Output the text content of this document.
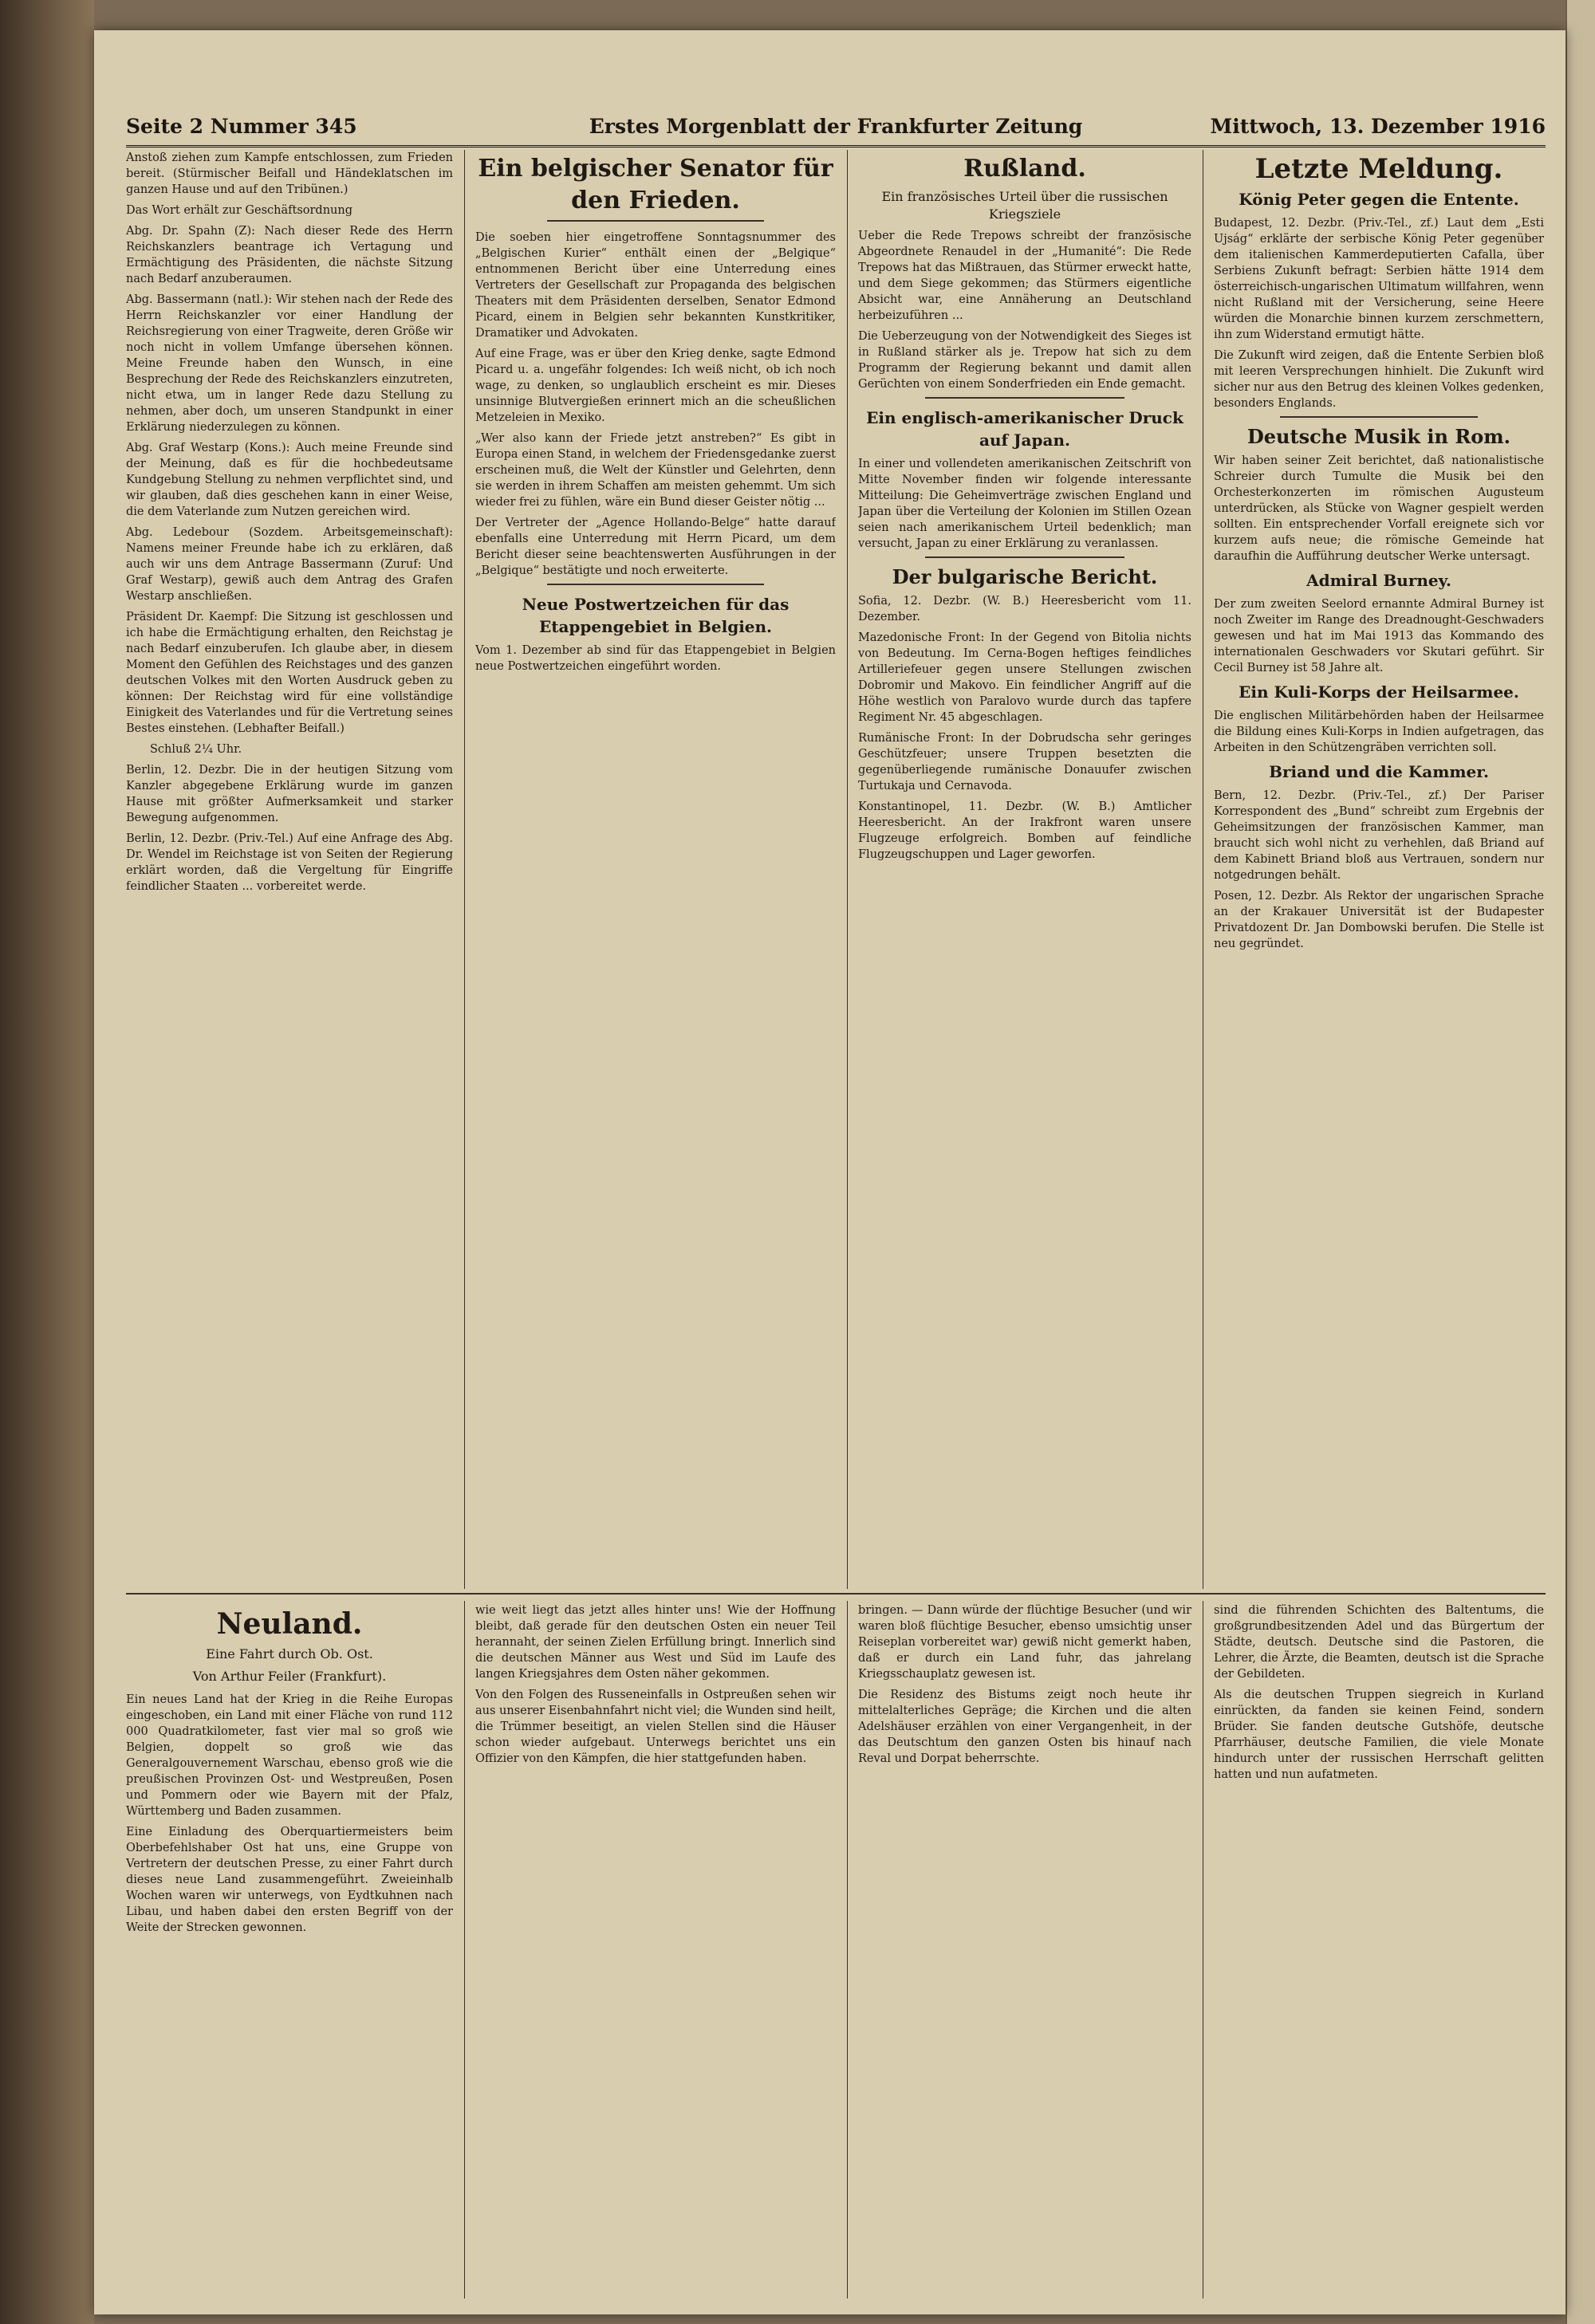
Seite 2 Nummer 345	Erstes Morgenblatt der Frankfurter Zeitung	Mittwoch, 13. Dezember 1916

Anstoß ziehen zum Kampfe entschlossen, zum Frieden bereit. (Stürmischer Beifall und Händeklatschen im ganzen Hause und auf den Tribünen.)

Das Wort erhält zur Geschäftsordnung

Abg. Dr. Spahn (Z): Nach dieser Rede des Herrn Reichskanzlers beantrage ich Vertagung und Ermächtigung des Präsidenten, die nächste Sitzung nach Bedarf anzuberaumen.

Abg. Bassermann (natl.): Wir stehen nach der Rede des Herrn Reichskanzler vor einer Handlung der Reichsregierung von einer Tragweite, deren Größe wir noch nicht in vollem Umfange übersehen können. Meine Freunde haben den Wunsch, in eine Besprechung der Rede des Reichskanzlers einzutreten, nicht etwa, um in langer Rede dazu Stellung zu nehmen, aber doch, um unseren Standpunkt in einer Erklärung niederzulegen zu können.

Abg. Graf Westarp (Kons.): Auch meine Freunde sind der Meinung, daß es für die hochbedeutsame Kundgebung Stellung zu nehmen verpflichtet sind, und wir glauben, daß dies geschehen kann in einer Weise, die dem Vaterlande zum Nutzen gereichen wird.

Abg. Ledebour (Sozdem. Arbeitsgemeinschaft): Namens meiner Freunde habe ich zu erklären, daß auch wir uns dem Antrage Bassermann (Zuruf: Und Graf Westarp), gewiß auch dem Antrag des Grafen Westarp anschließen.

Präsident Dr. Kaempf: Die Sitzung ist geschlossen und ich habe die Ermächtigung erhalten, den Reichstag je nach Bedarf einzuberufen. Ich glaube aber, in diesem Moment den Gefühlen des Reichstages und des ganzen deutschen Volkes mit den Worten Ausdruck geben zu können: Der Reichstag wird für eine vollständige Einigkeit des Vaterlandes und für die Vertretung seines Bestes einstehen. (Lebhafter Beifall.)

Schluß 2¼ Uhr.

Berlin, 12. Dezbr. Die in der heutigen Sitzung vom Kanzler abgegebene Erklärung wurde im ganzen Hause mit größter Aufmerksamkeit und starker Bewegung aufgenommen.

Berlin, 12. Dezbr. (Priv.-Tel.) Auf eine Anfrage des Abg. Dr. Wendel im Reichstage ist von Seiten der Regierung erklärt worden, daß die Vergeltung für Eingriffe feindlicher Staaten ... vorbereitet werde.

Ein belgischer Senator für den Frieden.

Die soeben hier eingetroffene Sonntagsnummer des „Belgischen Kurier“ enthält einen der „Belgique“ entnommenen Bericht über eine Unterredung eines Vertreters der Gesellschaft zur Propaganda des belgischen Theaters mit dem Präsidenten derselben, Senator Edmond Picard, einem in Belgien sehr bekannten Kunstkritiker, Dramatiker und Advokaten.

Auf eine Frage, was er über den Krieg denke, sagte Edmond Picard u. a. ungefähr folgendes: Ich weiß nicht, ob ich noch wage, zu denken, so unglaublich erscheint es mir. Dieses unsinnige Blutvergießen erinnert mich an die scheußlichen Metzeleien in Mexiko.

„Wer also kann der Friede jetzt anstreben?“ Es gibt in Europa einen Stand, in welchem der Friedensgedanke zuerst erscheinen muß, die Welt der Künstler und Gelehrten, denn sie werden in ihrem Schaffen am meisten gehemmt. Um sich wieder frei zu fühlen, wäre ein Bund dieser Geister nötig ...

Der Vertreter der „Agence Hollando-Belge“ hatte darauf ebenfalls eine Unterredung mit Herrn Picard, um dem Bericht dieser seine beachtenswerten Ausführungen in der „Belgique“ bestätigte und noch erweiterte.

Neue Postwertzeichen für das Etappengebiet in Belgien.

Vom 1. Dezember ab sind für das Etappengebiet in Belgien neue Postwertzeichen eingeführt worden.

Rußland.
Ein französisches Urteil über die russischen Kriegsziele

Ueber die Rede Trepows schreibt der französische Abgeordnete Renaudel in der „Humanité“: Die Rede Trepows hat das Mißtrauen, das Stürmer erweckt hatte, und dem Siege gekommen; das Stürmers eigentliche Absicht war, eine Annäherung an Deutschland herbeizuführen ...

Die Ueberzeugung von der Notwendigkeit des Sieges ist in Rußland stärker als je. Trepow hat sich zu dem Programm der Regierung bekannt und damit allen Gerüchten von einem Sonderfrieden ein Ende gemacht.

Ein englisch-amerikanischer Druck auf Japan.

In einer und vollendeten amerikanischen Zeitschrift von Mitte November finden wir folgende interessante Mitteilung: Die Geheimverträge zwischen England und Japan über die Verteilung der Kolonien im Stillen Ozean seien nach amerikanischem Urteil bedenklich; man versucht, Japan zu einer Erklärung zu veranlassen.

Der bulgarische Bericht.

Sofia, 12. Dezbr. (W. B.) Heeresbericht vom 11. Dezember.

Mazedonische Front: In der Gegend von Bitolia nichts von Bedeutung. Im Cerna-Bogen heftiges feindliches Artilleriefeuer gegen unsere Stellungen zwischen Dobromir und Makovo. Ein feindlicher Angriff auf die Höhe westlich von Paralovo wurde durch das tapfere Regiment Nr. 45 abgeschlagen.

Rumänische Front: In der Dobrudscha sehr geringes Geschützfeuer; unsere Truppen besetzten die gegenüberliegende rumänische Donauufer zwischen Turtukaja und Cernavoda.

Konstantinopel, 11. Dezbr. (W. B.) Amtlicher Heeresbericht. An der Irakfront waren unsere Flugzeuge erfolgreich. Bomben auf feindliche Flugzeugschuppen und Lager geworfen.

Letzte Meldung.
König Peter gegen die Entente.

Budapest, 12. Dezbr. (Priv.-Tel., zf.) Laut dem „Esti Ujság“ erklärte der serbische König Peter gegenüber dem italienischen Kammerdeputierten Cafalla, über Serbiens Zukunft befragt: Serbien hätte 1914 dem österreichisch-ungarischen Ultimatum willfahren, wenn nicht Rußland mit der Versicherung, seine Heere würden die Monarchie binnen kurzem zerschmettern, ihn zum Widerstand ermutigt hätte.

Die Zukunft wird zeigen, daß die Entente Serbien bloß mit leeren Versprechungen hinhielt. Die Zukunft wird sicher nur aus den Betrug des kleinen Volkes gedenken, besonders Englands.

Deutsche Musik in Rom.

Wir haben seiner Zeit berichtet, daß nationalistische Schreier durch Tumulte die Musik bei den Orchesterkonzerten im römischen Augusteum unterdrücken, als Stücke von Wagner gespielt werden sollten. Ein entsprechender Vorfall ereignete sich vor kurzem aufs neue; die römische Gemeinde hat daraufhin die Aufführung deutscher Werke untersagt.

Admiral Burney.

Der zum zweiten Seelord ernannte Admiral Burney ist noch Zweiter im Range des Dreadnought-Geschwaders gewesen und hat im Mai 1913 das Kommando des internationalen Geschwaders vor Skutari geführt. Sir Cecil Burney ist 58 Jahre alt.

Ein Kuli-Korps der Heilsarmee.

Die englischen Militärbehörden haben der Heilsarmee die Bildung eines Kuli-Korps in Indien aufgetragen, das Arbeiten in den Schützengräben verrichten soll.

Briand und die Kammer.

Bern, 12. Dezbr. (Priv.-Tel., zf.) Der Pariser Korrespondent des „Bund“ schreibt zum Ergebnis der Geheimsitzungen der französischen Kammer, man braucht sich wohl nicht zu verhehlen, daß Briand auf dem Kabinett Briand bloß aus Vertrauen, sondern nur notgedrungen behält.

Posen, 12. Dezbr. Als Rektor der ungarischen Sprache an der Krakauer Universität ist der Budapester Privatdozent Dr. Jan Dombowski berufen. Die Stelle ist neu gegründet.

Neuland.
Eine Fahrt durch Ob. Ost.
Von Arthur Feiler (Frankfurt).

Ein neues Land hat der Krieg in die Reihe Europas eingeschoben, ein Land mit einer Fläche von rund 112 000 Quadratkilometer, fast vier mal so groß wie Belgien, doppelt so groß wie das Generalgouvernement Warschau, ebenso groß wie die preußischen Provinzen Ost- und Westpreußen, Posen und Pommern oder wie Bayern mit der Pfalz, Württemberg und Baden zusammen.

Eine Einladung des Oberquartiermeisters beim Oberbefehlshaber Ost hat uns, eine Gruppe von Vertretern der deutschen Presse, zu einer Fahrt durch dieses neue Land zusammengeführt. Zweieinhalb Wochen waren wir unterwegs, von Eydtkuhnen nach Libau, und haben dabei den ersten Begriff von der Weite der Strecken gewonnen.

wie weit liegt das jetzt alles hinter uns! Wie der Hoffnung bleibt, daß gerade für den deutschen Osten ein neuer Teil herannaht, der seinen Zielen Erfüllung bringt. Innerlich sind die deutschen Männer aus West und Süd im Laufe des langen Kriegsjahres dem Osten näher gekommen.

Von den Folgen des Russeneinfalls in Ostpreußen sehen wir aus unserer Eisenbahnfahrt nicht viel; die Wunden sind heilt, die Trümmer beseitigt, an vielen Stellen sind die Häuser schon wieder aufgebaut. Unterwegs berichtet uns ein Offizier von den Kämpfen, die hier stattgefunden haben.

bringen. — Dann würde der flüchtige Besucher (und wir waren bloß flüchtige Besucher, ebenso umsichtig unser Reiseplan vorbereitet war) gewiß nicht gemerkt haben, daß er durch ein Land fuhr, das jahrelang Kriegsschauplatz gewesen ist.

Die Residenz des Bistums zeigt noch heute ihr mittelalterliches Gepräge; die Kirchen und die alten Adelshäuser erzählen von einer Vergangenheit, in der das Deutschtum den ganzen Osten bis hinauf nach Reval und Dorpat beherrschte.

sind die führenden Schichten des Baltentums, die großgrundbesitzenden Adel und das Bürgertum der Städte, deutsch. Deutsche sind die Pastoren, die Lehrer, die Ärzte, die Beamten, deutsch ist die Sprache der Gebildeten.

Als die deutschen Truppen siegreich in Kurland einrückten, da fanden sie keinen Feind, sondern Brüder. Sie fanden deutsche Gutshöfe, deutsche Pfarrhäuser, deutsche Familien, die viele Monate hindurch unter der russischen Herrschaft gelitten hatten und nun aufatmeten.
